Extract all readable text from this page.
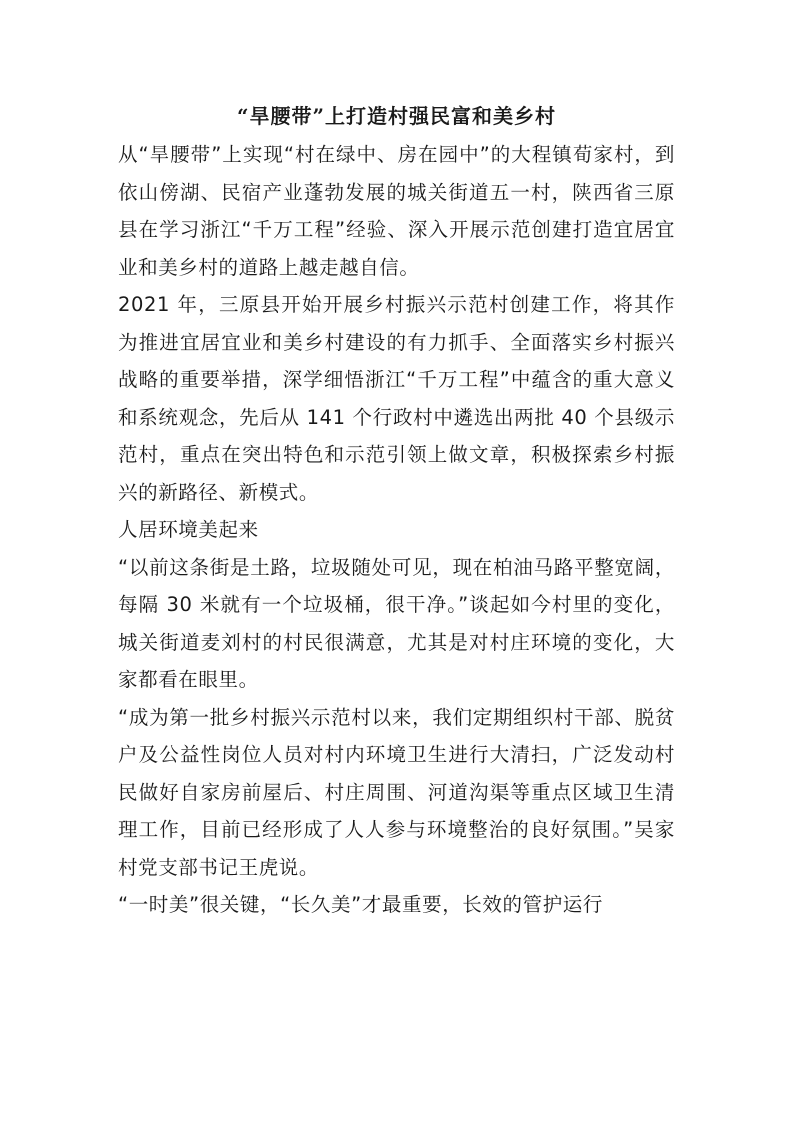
“旱腰带”上打造村强民富和美乡村

从“旱腰带”上实现“村在绿中、房在园中”的大程镇荀家村，到依山傍湖、民宿产业蓬勃发展的城关街道五一村，陕西省三原县在学习浙江“千万工程”经验、深入开展示范创建打造宜居宜业和美乡村的道路上越走越自信。

2021 年，三原县开始开展乡村振兴示范村创建工作，将其作为推进宜居宜业和美乡村建设的有力抓手、全面落实乡村振兴战略的重要举措，深学细悟浙江“千万工程”中蕴含的重大意义和系统观念，先后从 141 个行政村中遴选出两批 40 个县级示范村，重点在突出特色和示范引领上做文章，积极探索乡村振兴的新路径、新模式。

人居环境美起来

“以前这条街是土路，垃圾随处可见，现在柏油马路平整宽阔，每隔 30 米就有一个垃圾桶，很干净。”谈起如今村里的变化，城关街道麦刘村的村民很满意，尤其是对村庄环境的变化，大家都看在眼里。

“成为第一批乡村振兴示范村以来，我们定期组织村干部、脱贫户及公益性岗位人员对村内环境卫生进行大清扫，广泛发动村民做好自家房前屋后、村庄周围、河道沟渠等重点区域卫生清理工作，目前已经形成了人人参与环境整治的良好氛围。”吴家村党支部书记王虎说。

“一时美”很关键，“长久美”才最重要，长效的管护运行
